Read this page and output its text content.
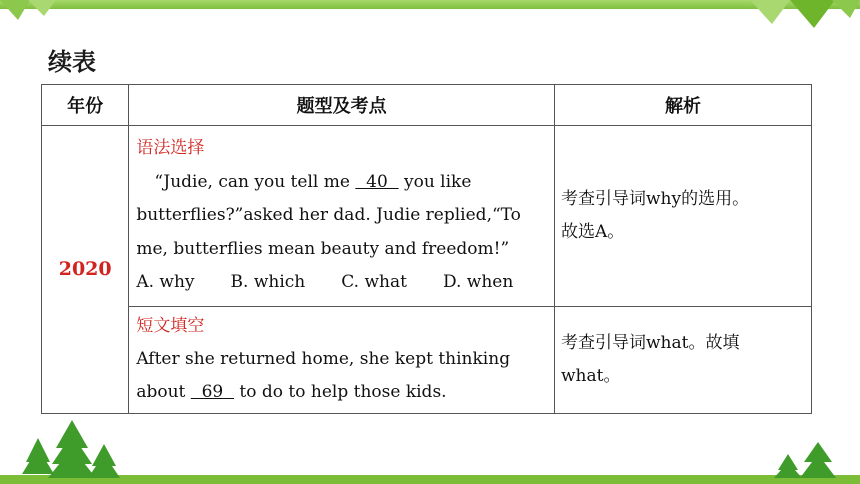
续表
年份	题型及考点	解析
2020	语法选择
“Judie, can you tell me   40   you like
butterflies?”asked her dad. Judie replied,“To
me, butterflies mean beauty and freedom!”
A. why B. which C. what D. when	考查引导词why的选用。
故选A。

	短文填空
After she returned home, she kept thinking
about   69   to do to help those kids.	考查引导词what。故填
what。
